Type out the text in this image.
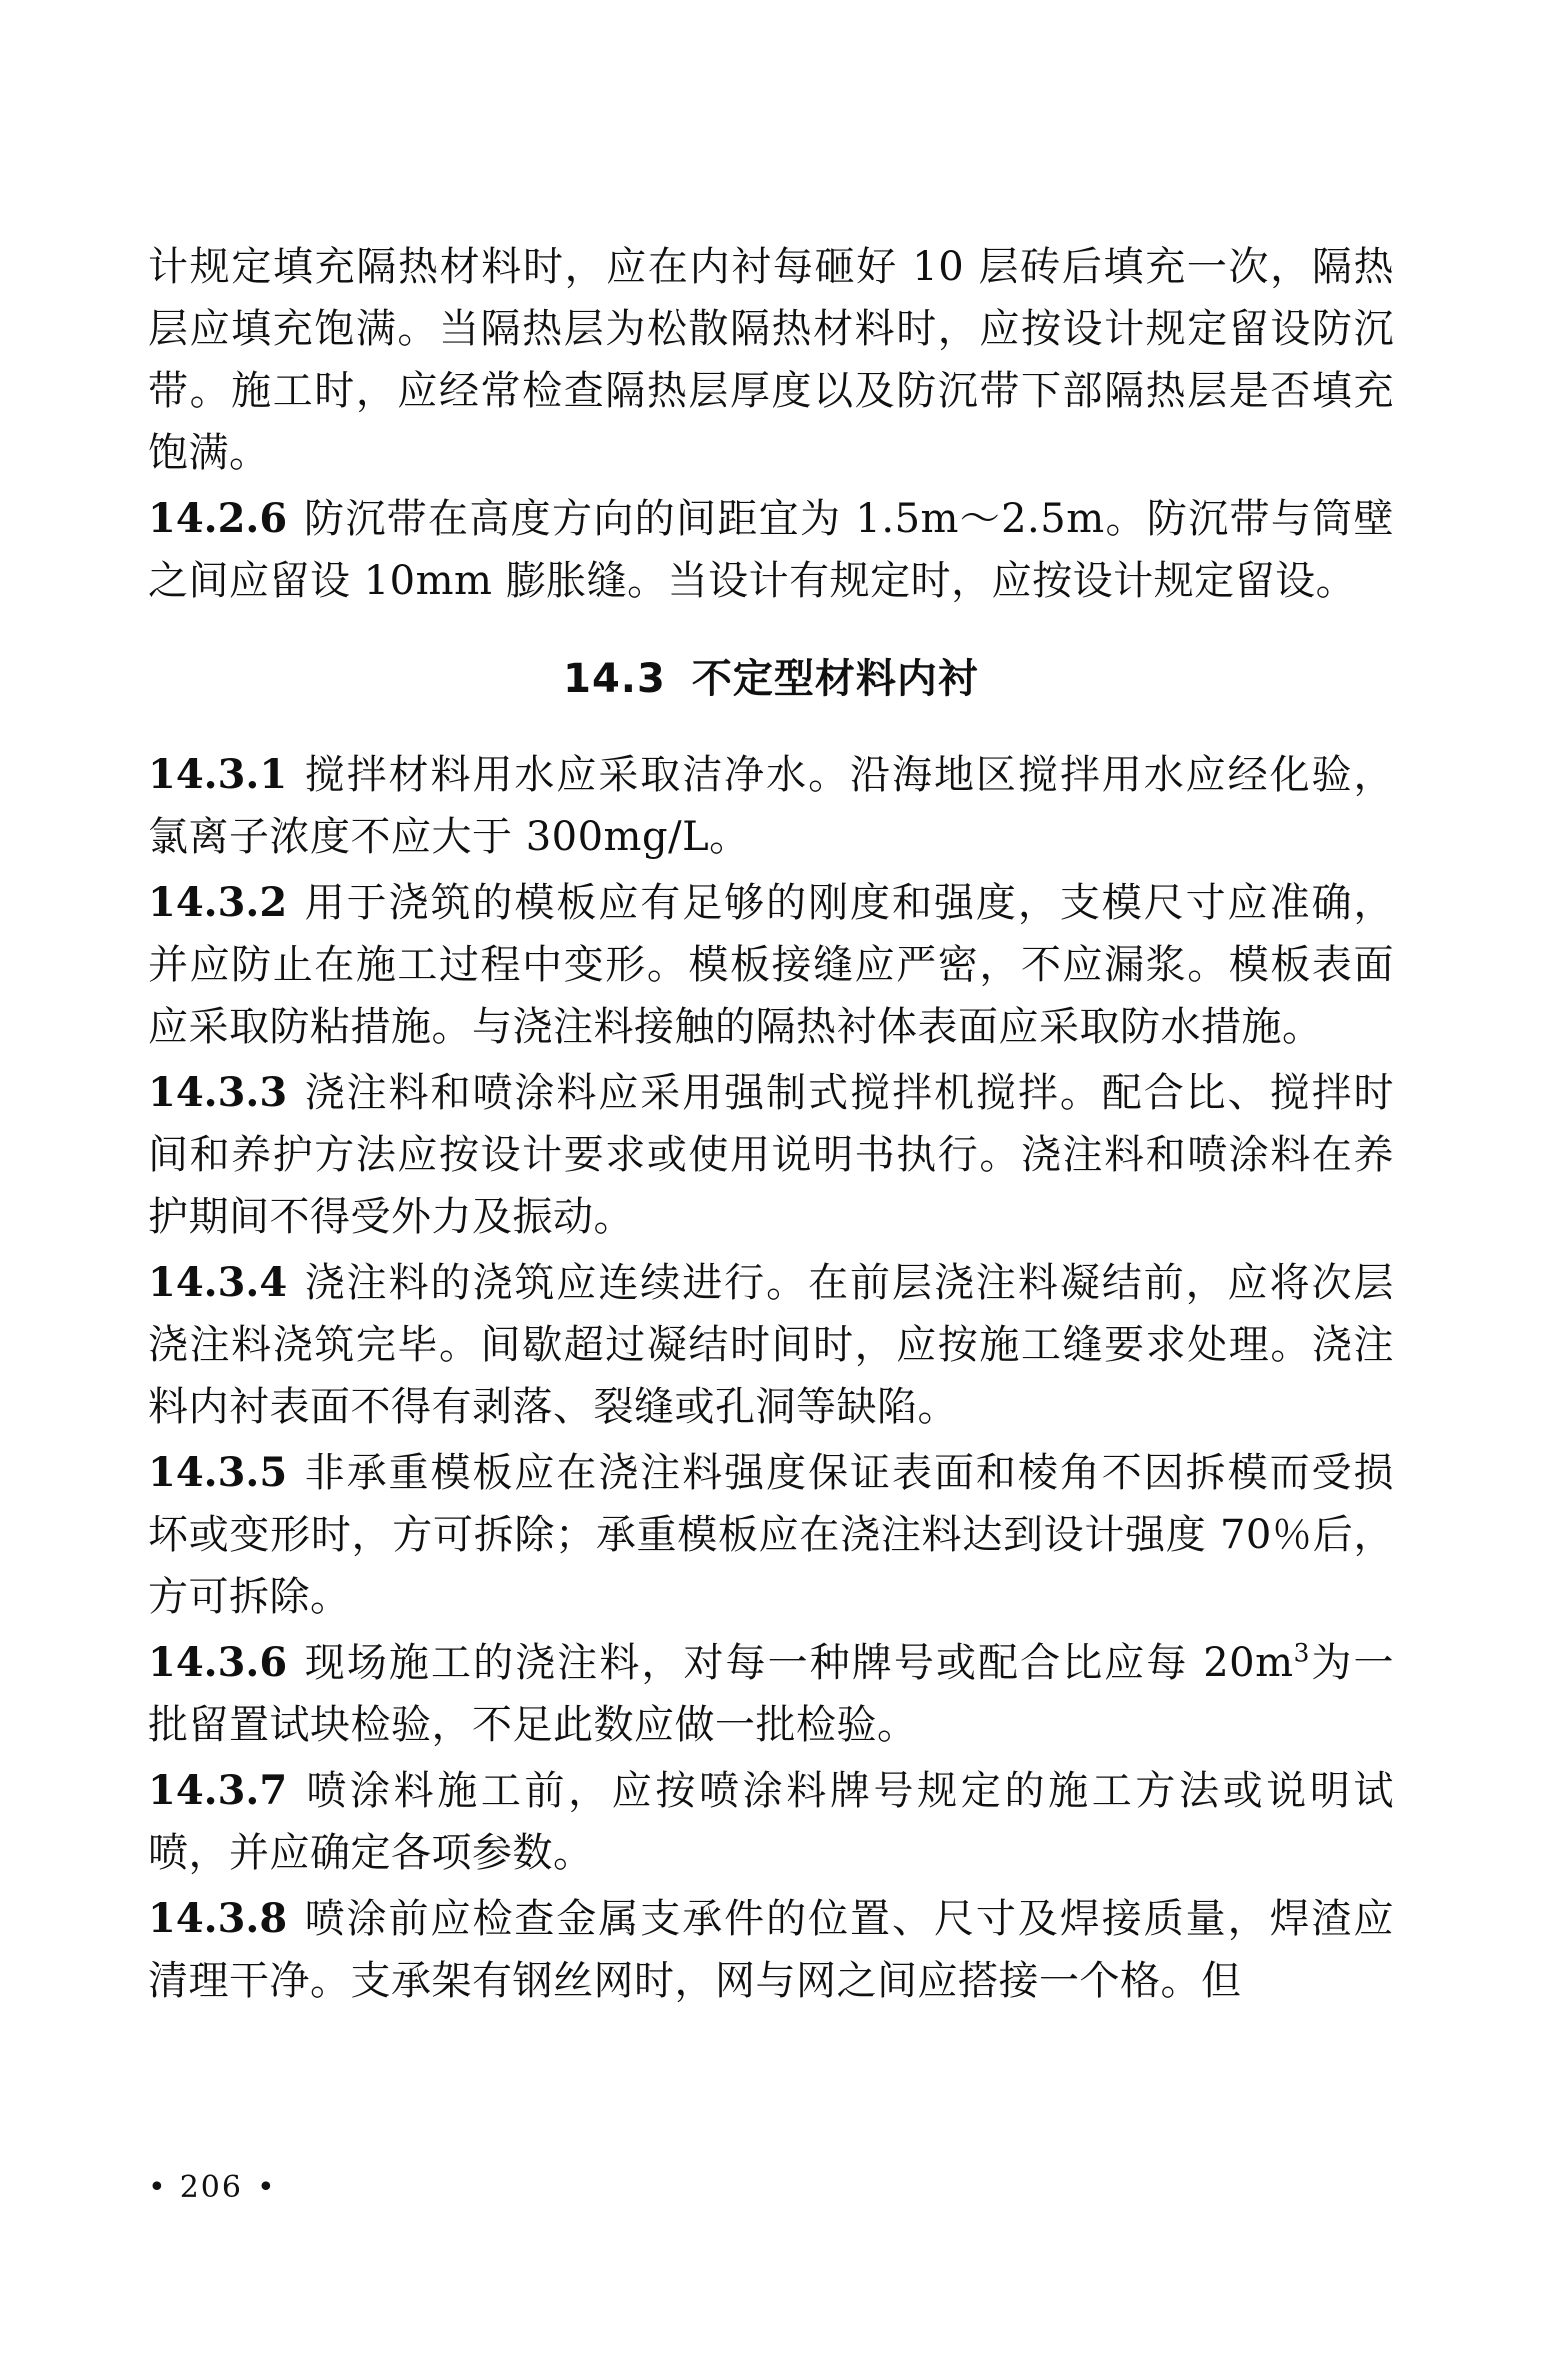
计规定填充隔热材料时，应在内衬每砸好 10 层砖后填充一次，隔热层应填充饱满。当隔热层为松散隔热材料时，应按设计规定留设防沉带。施工时，应经常检查隔热层厚度以及防沉带下部隔热层是否填充饱满。

14.2.6 防沉带在高度方向的间距宜为 1.5m～2.5m。防沉带与筒壁之间应留设 10mm 膨胀缝。当设计有规定时，应按设计规定留设。

14.3 不定型材料内衬

14.3.1 搅拌材料用水应采取洁净水。沿海地区搅拌用水应经化验，氯离子浓度不应大于 300mg/L。

14.3.2 用于浇筑的模板应有足够的刚度和强度，支模尺寸应准确，并应防止在施工过程中变形。模板接缝应严密，不应漏浆。模板表面应采取防粘措施。与浇注料接触的隔热衬体表面应采取防水措施。

14.3.3 浇注料和喷涂料应采用强制式搅拌机搅拌。配合比、搅拌时间和养护方法应按设计要求或使用说明书执行。浇注料和喷涂料在养护期间不得受外力及振动。

14.3.4 浇注料的浇筑应连续进行。在前层浇注料凝结前，应将次层浇注料浇筑完毕。间歇超过凝结时间时，应按施工缝要求处理。浇注料内衬表面不得有剥落、裂缝或孔洞等缺陷。

14.3.5 非承重模板应在浇注料强度保证表面和棱角不因拆模而受损坏或变形时，方可拆除；承重模板应在浇注料达到设计强度 70％后，方可拆除。

14.3.6 现场施工的浇注料，对每一种牌号或配合比应每 $20m^3$为一批留置试块检验，不足此数应做一批检验。

14.3.7 喷涂料施工前，应按喷涂料牌号规定的施工方法或说明试喷，并应确定各项参数。

14.3.8 喷涂前应检查金属支承件的位置、尺寸及焊接质量，焊渣应清理干净。支承架有钢丝网时，网与网之间应搭接一个格。但

• 206 •
